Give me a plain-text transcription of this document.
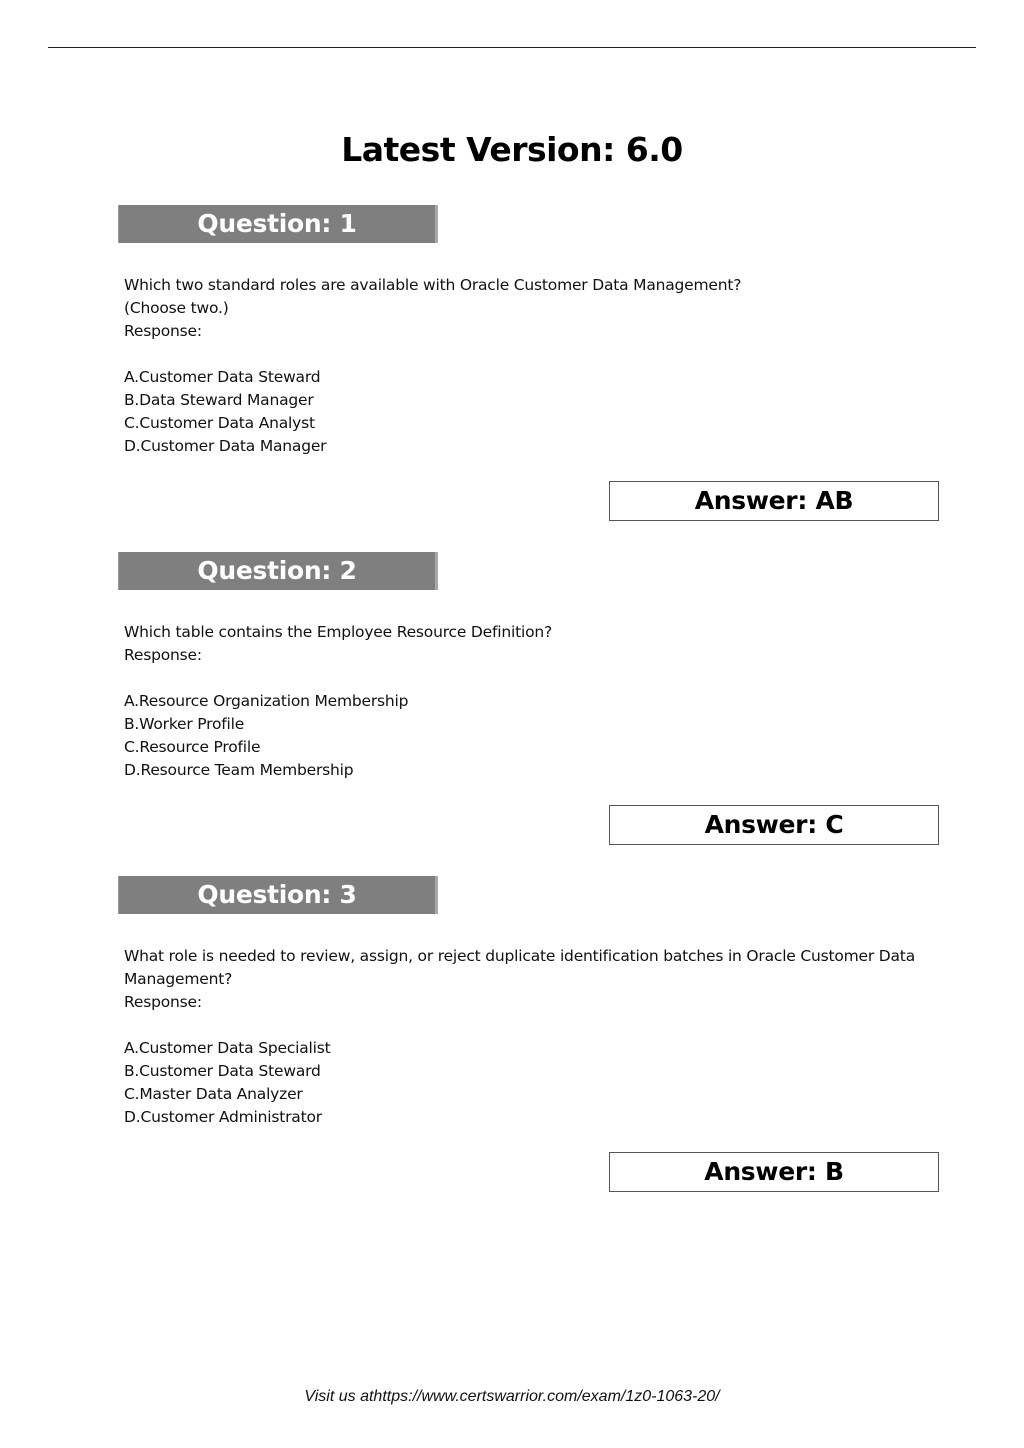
Latest Version: 6.0
Question: 1
Which two standard roles are available with Oracle Customer Data Management?
(Choose two.)
Response:
A.Customer Data Steward
B.Data Steward Manager
C.Customer Data Analyst
D.Customer Data Manager
Answer: AB
Question: 2
Which table contains the Employee Resource Definition?
Response:
A.Resource Organization Membership
B.Worker Profile
C.Resource Profile
D.Resource Team Membership
Answer: C
Question: 3
What role is needed to review, assign, or reject duplicate identification batches in Oracle Customer Data
Management?
Response:
A.Customer Data Specialist
B.Customer Data Steward
C.Master Data Analyzer
D.Customer Administrator
Answer: B
Visit us athttps://www.certswarrior.com/exam/1z0-1063-20/
